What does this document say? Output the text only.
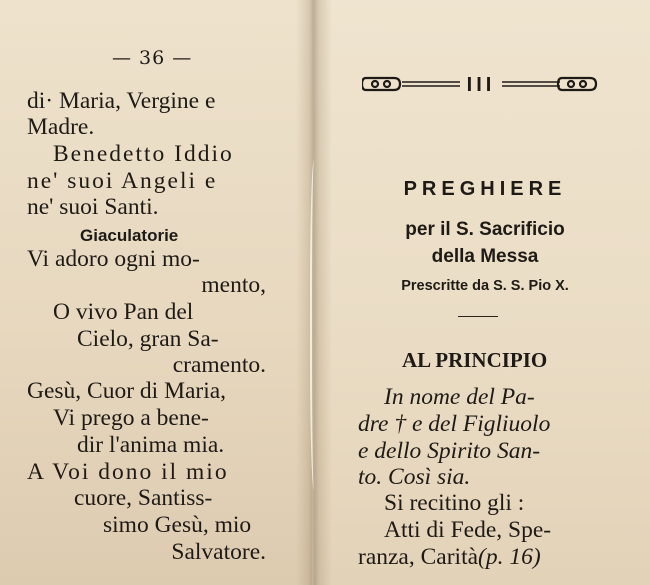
— 36 —
di· Maria, Vergine e
Madre.
Benedetto Iddio
ne' suoi Angeli e
ne' suoi Santi.
Giaculatorie
Vi adoro ogni mo-
mento,
O vivo Pan del
Cielo, gran Sa-
cramento.
Gesù, Cuor di Maria,
Vi prego a bene-
dir l'anima mia.
A Voi dono il mio
cuore, Santiss-
simo Gesù, mio
Salvatore.
III
PREGHIERE
per il S. Sacrificio
della Messa
Prescritte da S. S. Pio X.
AL PRINCIPIO
In nome del Pa-
dre † e del Figliuolo
e dello Spirito San-
to. Così sia.
Si recitino gli :
Atti di Fede, Spe-
ranza, Carità(p. 16)
